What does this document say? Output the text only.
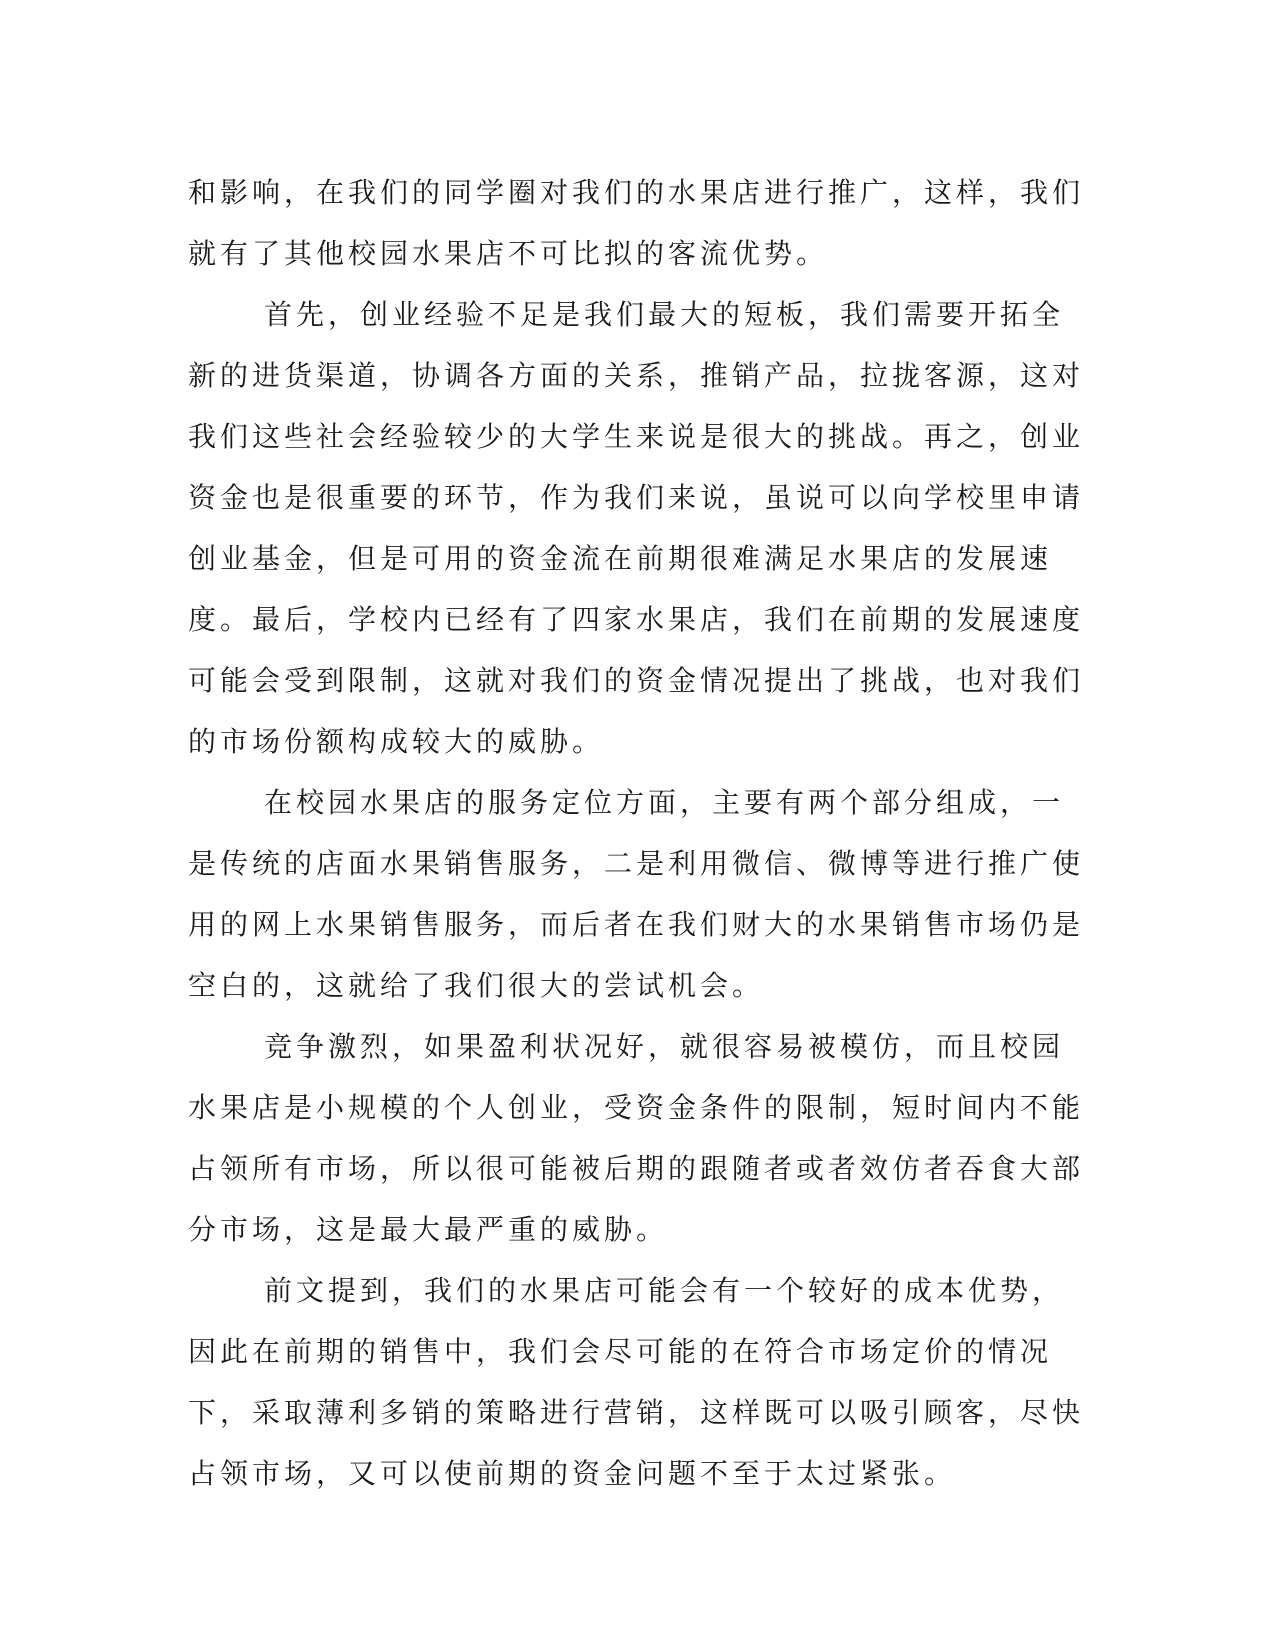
和影响，在我们的同学圈对我们的水果店进行推广，这样，我们就有了其他校园水果店不可比拟的客流优势。

首先，创业经验不足是我们最大的短板，我们需要开拓全新的进货渠道，协调各方面的关系，推销产品，拉拢客源，这对我们这些社会经验较少的大学生来说是很大的挑战。再之，创业资金也是很重要的环节，作为我们来说，虽说可以向学校里申请创业基金，但是可用的资金流在前期很难满足水果店的发展速度。最后，学校内已经有了四家水果店，我们在前期的发展速度可能会受到限制，这就对我们的资金情况提出了挑战，也对我们的市场份额构成较大的威胁。

在校园水果店的服务定位方面，主要有两个部分组成，一是传统的店面水果销售服务，二是利用微信、微博等进行推广使用的网上水果销售服务，而后者在我们财大的水果销售市场仍是空白的，这就给了我们很大的尝试机会。

竞争激烈，如果盈利状况好，就很容易被模仿，而且校园水果店是小规模的个人创业，受资金条件的限制，短时间内不能占领所有市场，所以很可能被后期的跟随者或者效仿者吞食大部分市场，这是最大最严重的威胁。

前文提到，我们的水果店可能会有一个较好的成本优势，因此在前期的销售中，我们会尽可能的在符合市场定价的情况下，采取薄利多销的策略进行营销，这样既可以吸引顾客，尽快占领市场，又可以使前期的资金问题不至于太过紧张。
